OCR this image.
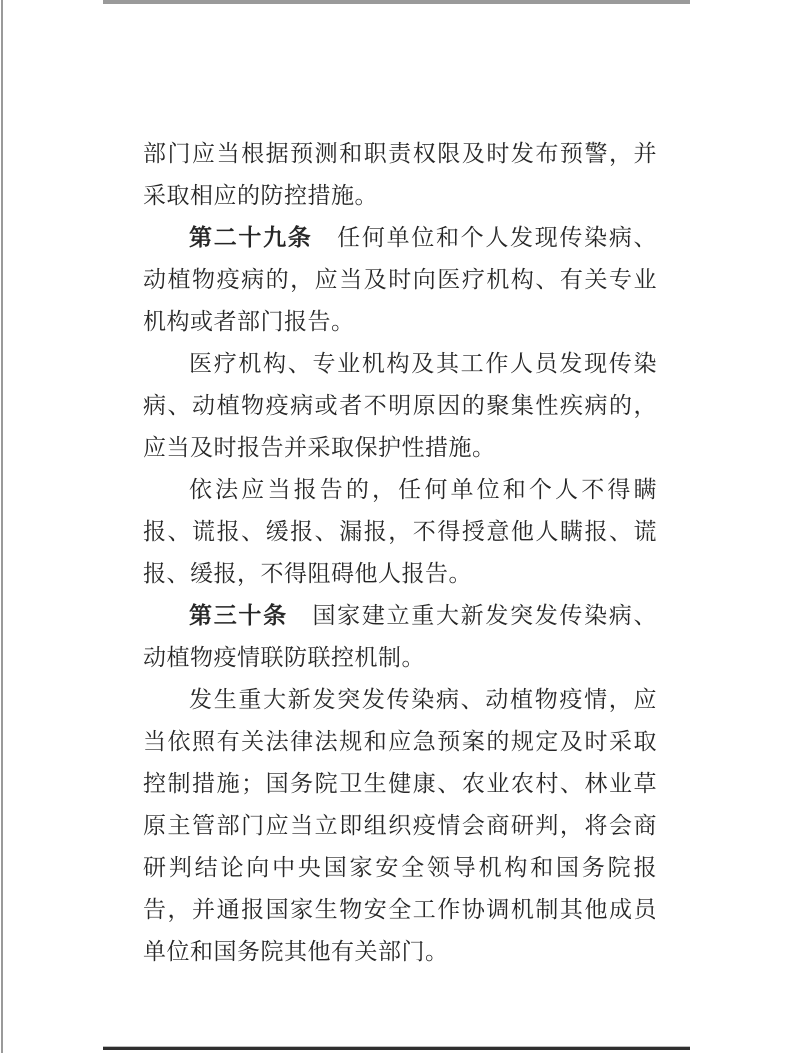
部门应当根据预测和职责权限及时发布预警，并采取相应的防控措施。

第二十九条　任何单位和个人发现传染病、动植物疫病的，应当及时向医疗机构、有关专业机构或者部门报告。

医疗机构、专业机构及其工作人员发现传染病、动植物疫病或者不明原因的聚集性疾病的，应当及时报告并采取保护性措施。

依法应当报告的，任何单位和个人不得瞒报、谎报、缓报、漏报，不得授意他人瞒报、谎报、缓报，不得阻碍他人报告。

第三十条　国家建立重大新发突发传染病、动植物疫情联防联控机制。

发生重大新发突发传染病、动植物疫情，应当依照有关法律法规和应急预案的规定及时采取控制措施；国务院卫生健康、农业农村、林业草原主管部门应当立即组织疫情会商研判，将会商研判结论向中央国家安全领导机构和国务院报告，并通报国家生物安全工作协调机制其他成员单位和国务院其他有关部门。
